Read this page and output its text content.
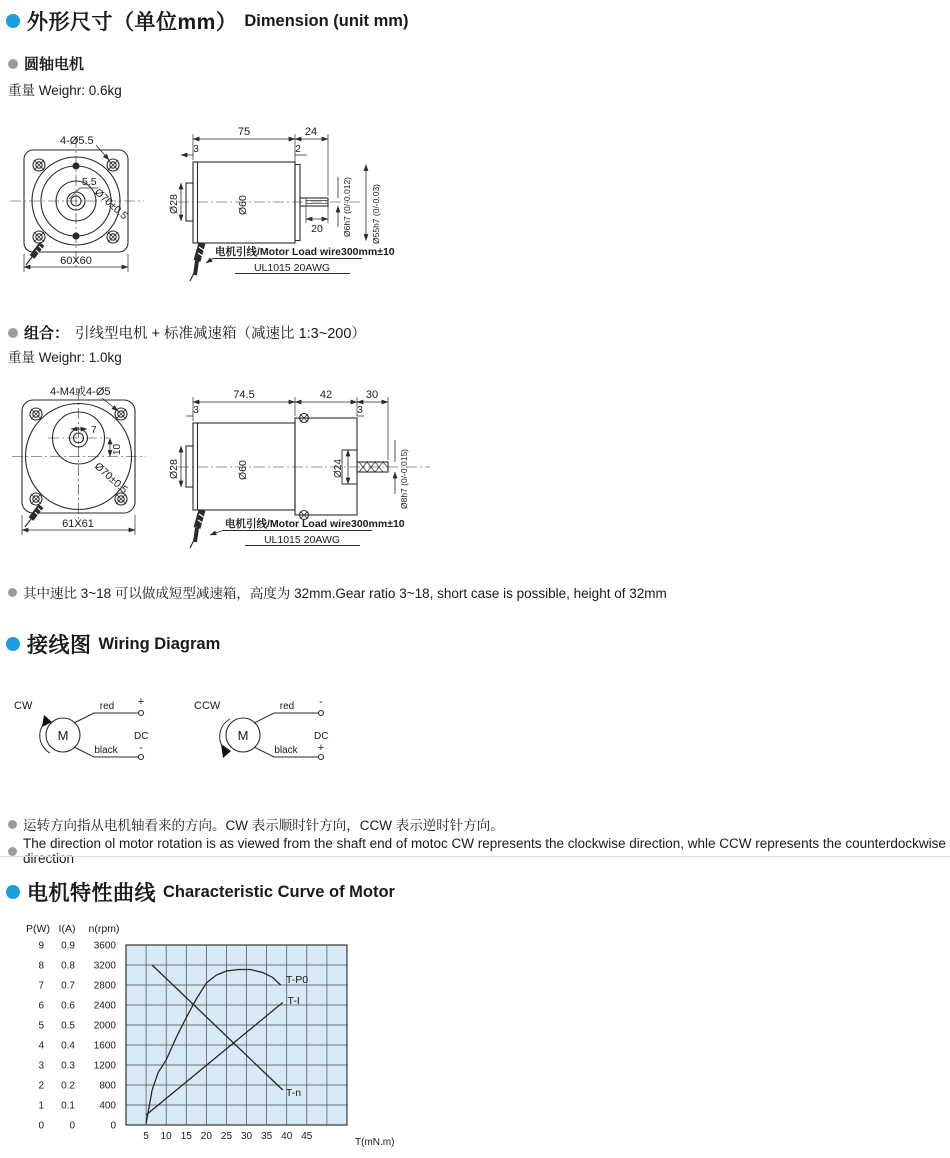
外形尺寸（单位mm） Dimension (unit mm)
圆轴电机
重量 Weighr: 0.6kg
4-Ø5.5
5.5
Ø70±0.5
60X60
75	24
3	2
Ø60
Ø28
20 Ø6h7 (0/-0.012) Ø55h7 (0/-0.03)
电机引线/Motor Load wire300mm±10
UL1015 20AWG
组合： 引线型电机 + 标准减速箱（减速比 1:3~200）
重量 Weighr: 1.0kg
4-M4或4-Ø5
7
10
Ø70±0.5
61X61
74.5	42	30
3	3
Ø60
Ø28	Ø24	Ø8h7 (0/-0.015)
电机引线/Motor Load wire300mm±10
UL1015 20AWG
其中速比 3~18 可以做成短型减速箱，高度为 32mm.Gear ratio 3~18, short case is possible, height of 32mm
接线图 Wiring Diagram
CW
M
red
black
+
-
DC
CCW
M
red
black
-
+
DC
运转方向指从电机轴看来的方向。CW 表示顺时针方向，CCW 表示逆时针方向。
The direction ol motor rotation is as viewed from the shaft end of motoc CW represents the clockwise direction, whle CCW represents the counterdockwise direction
电机特性曲线 Characteristic Curve of Motor
P(W)
9
8
7
6
5
4
3
2
1
0
I(A)
0.9
0.8
0.7
0.6
0.5
0.4
0.3
0.2
0.1
0
n(rpm)
3600
3200
2800
2400
2000
1600
1200
800
400
0
5 10 15 20 25 30 35 40 45
T(mN.m)
T-P0
T-I
T-n
